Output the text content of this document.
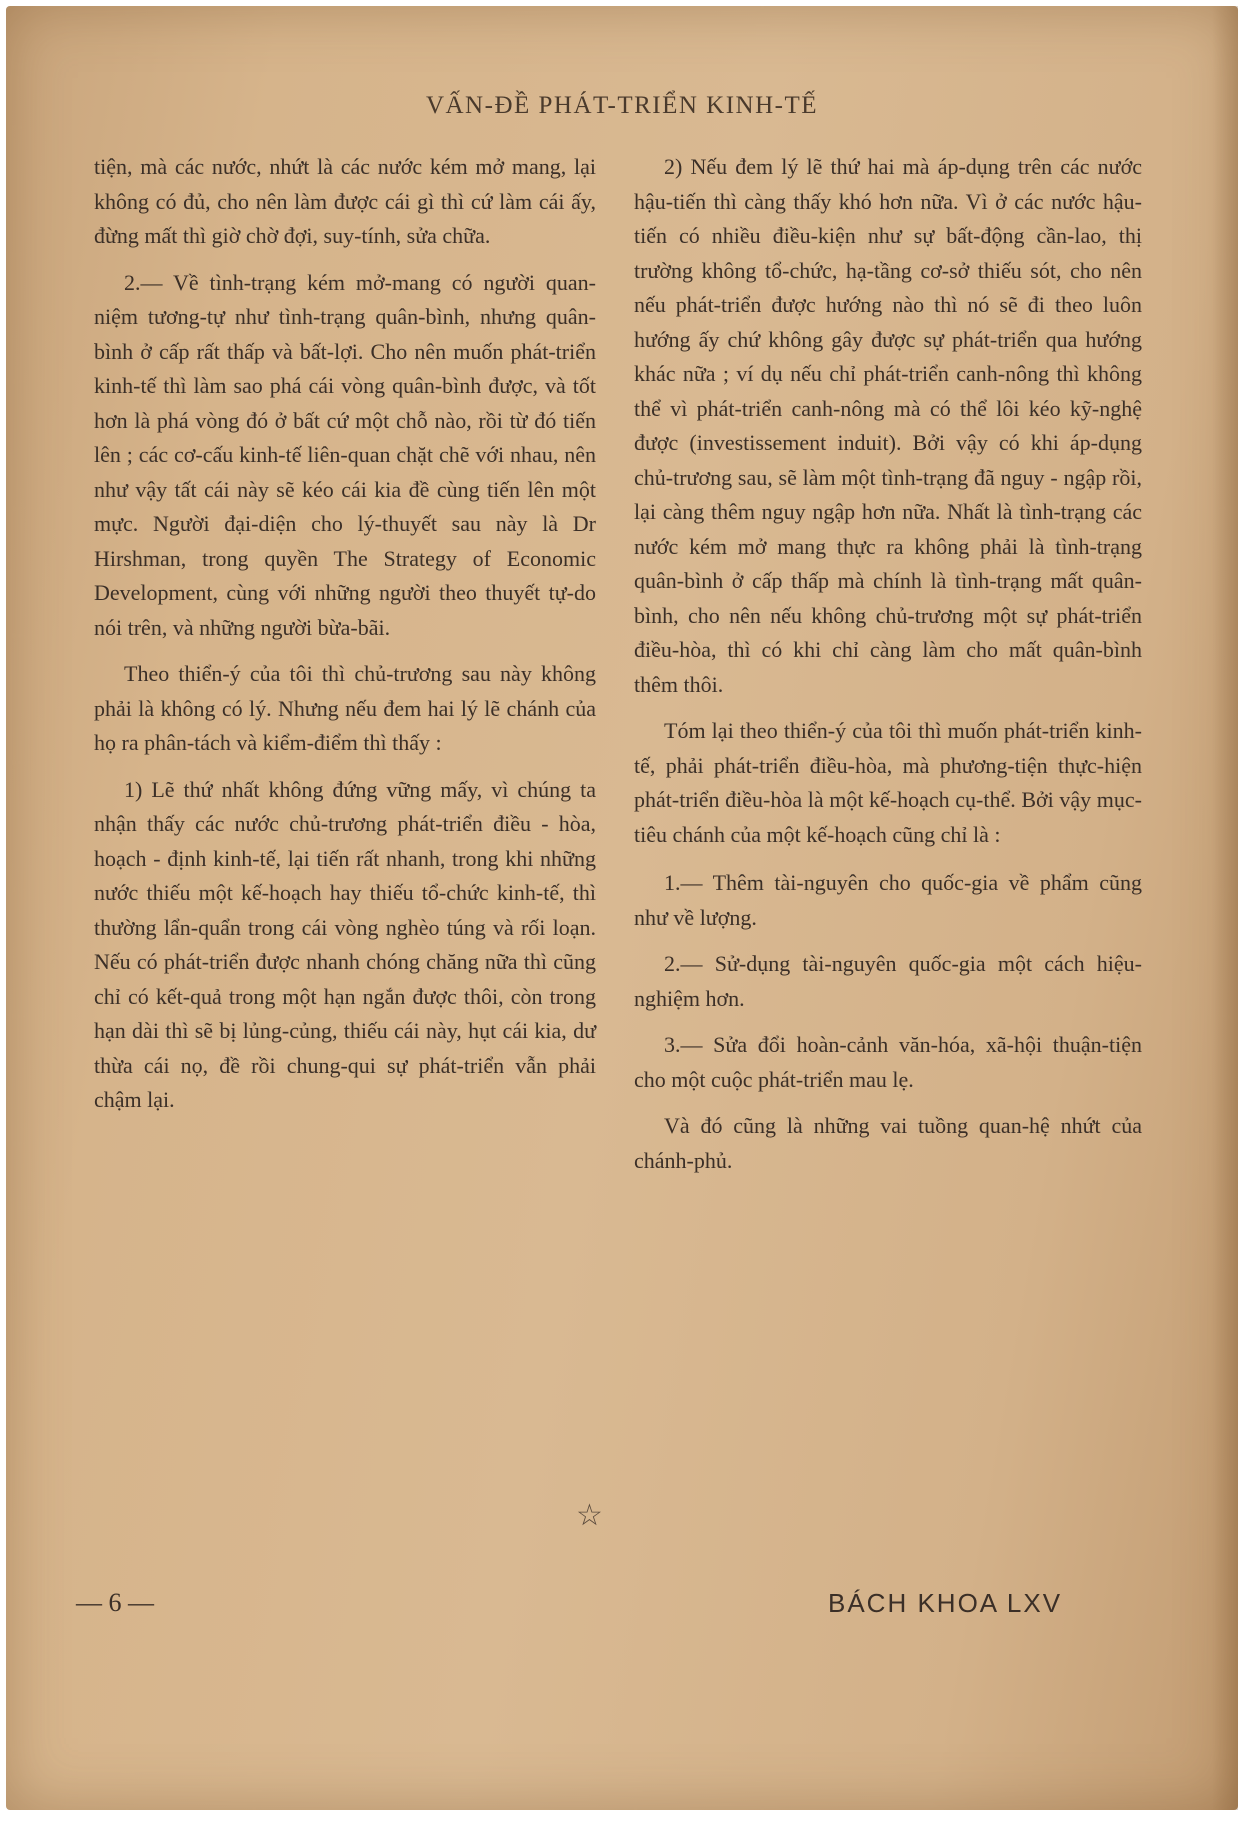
VẤN-ĐỀ PHÁT-TRIỂN KINH-TẾ

tiện, mà các nước, nhứt là các nước kém mở mang, lại không có đủ, cho nên làm được cái gì thì cứ làm cái ấy, đừng mất thì giờ chờ đợi, suy-tính, sửa chữa.

2.— Về tình-trạng kém mở-mang có người quan-niệm tương-tự như tình-trạng quân-bình, nhưng quân-bình ở cấp rất thấp và bất-lợi. Cho nên muốn phát-triển kinh-tế thì làm sao phá cái vòng quân-bình được, và tốt hơn là phá vòng đó ở bất cứ một chỗ nào, rồi từ đó tiến lên ; các cơ-cấu kinh-tế liên-quan chặt chẽ với nhau, nên như vậy tất cái này sẽ kéo cái kia đề cùng tiến lên một mực. Người đại-diện cho lý-thuyết sau này là Dr Hirshman, trong quyền The Strategy of Economic Development, cùng với những người theo thuyết tự-do nói trên, và những người bừa-bãi.

Theo thiển-ý của tôi thì chủ-trương sau này không phải là không có lý. Nhưng nếu đem hai lý lẽ chánh của họ ra phân-tách và kiểm-điểm thì thấy :

1) Lẽ thứ nhất không đứng vững mấy, vì chúng ta nhận thấy các nước chủ-trương phát-triển điều - hòa, hoạch - định kinh-tế, lại tiến rất nhanh, trong khi những nước thiếu một kế-hoạch hay thiếu tổ-chức kinh-tế, thì thường lẩn-quẩn trong cái vòng nghèo túng và rối loạn. Nếu có phát-triển được nhanh chóng chăng nữa thì cũng chỉ có kết-quả trong một hạn ngắn được thôi, còn trong hạn dài thì sẽ bị lủng-củng, thiếu cái này, hụt cái kia, dư thừa cái nọ, đề rồi chung-qui sự phát-triển vẫn phải chậm lại.

2) Nếu đem lý lẽ thứ hai mà áp-dụng trên các nước hậu-tiến thì càng thấy khó hơn nữa. Vì ở các nước hậu-tiến có nhiều điều-kiện như sự bất-động cần-lao, thị trường không tổ-chức, hạ-tầng cơ-sở thiếu sót, cho nên nếu phát-triển được hướng nào thì nó sẽ đi theo luôn hướng ấy chứ không gây được sự phát-triển qua hướng khác nữa ; ví dụ nếu chỉ phát-triển canh-nông thì không thể vì phát-triển canh-nông mà có thể lôi kéo kỹ-nghệ được (investissement induit). Bởi vậy có khi áp-dụng chủ-trương sau, sẽ làm một tình-trạng đã nguy - ngập rồi, lại càng thêm nguy ngập hơn nữa. Nhất là tình-trạng các nước kém mở mang thực ra không phải là tình-trạng quân-bình ở cấp thấp mà chính là tình-trạng mất quân-bình, cho nên nếu không chủ-trương một sự phát-triển điều-hòa, thì có khi chỉ càng làm cho mất quân-bình thêm thôi.

Tóm lại theo thiển-ý của tôi thì muốn phát-triển kinh-tế, phải phát-triển điều-hòa, mà phương-tiện thực-hiện phát-triển điều-hòa là một kế-hoạch cụ-thể. Bởi vậy mục-tiêu chánh của một kế-hoạch cũng chỉ là :

1.— Thêm tài-nguyên cho quốc-gia về phẩm cũng như về lượng.

2.— Sử-dụng tài-nguyên quốc-gia một cách hiệu-nghiệm hơn.

3.— Sửa đổi hoàn-cảnh văn-hóa, xã-hội thuận-tiện cho một cuộc phát-triển mau lẹ.

Và đó cũng là những vai tuồng quan-hệ nhứt của chánh-phủ.

☆
— 6 —	BÁCH KHOA LXV
